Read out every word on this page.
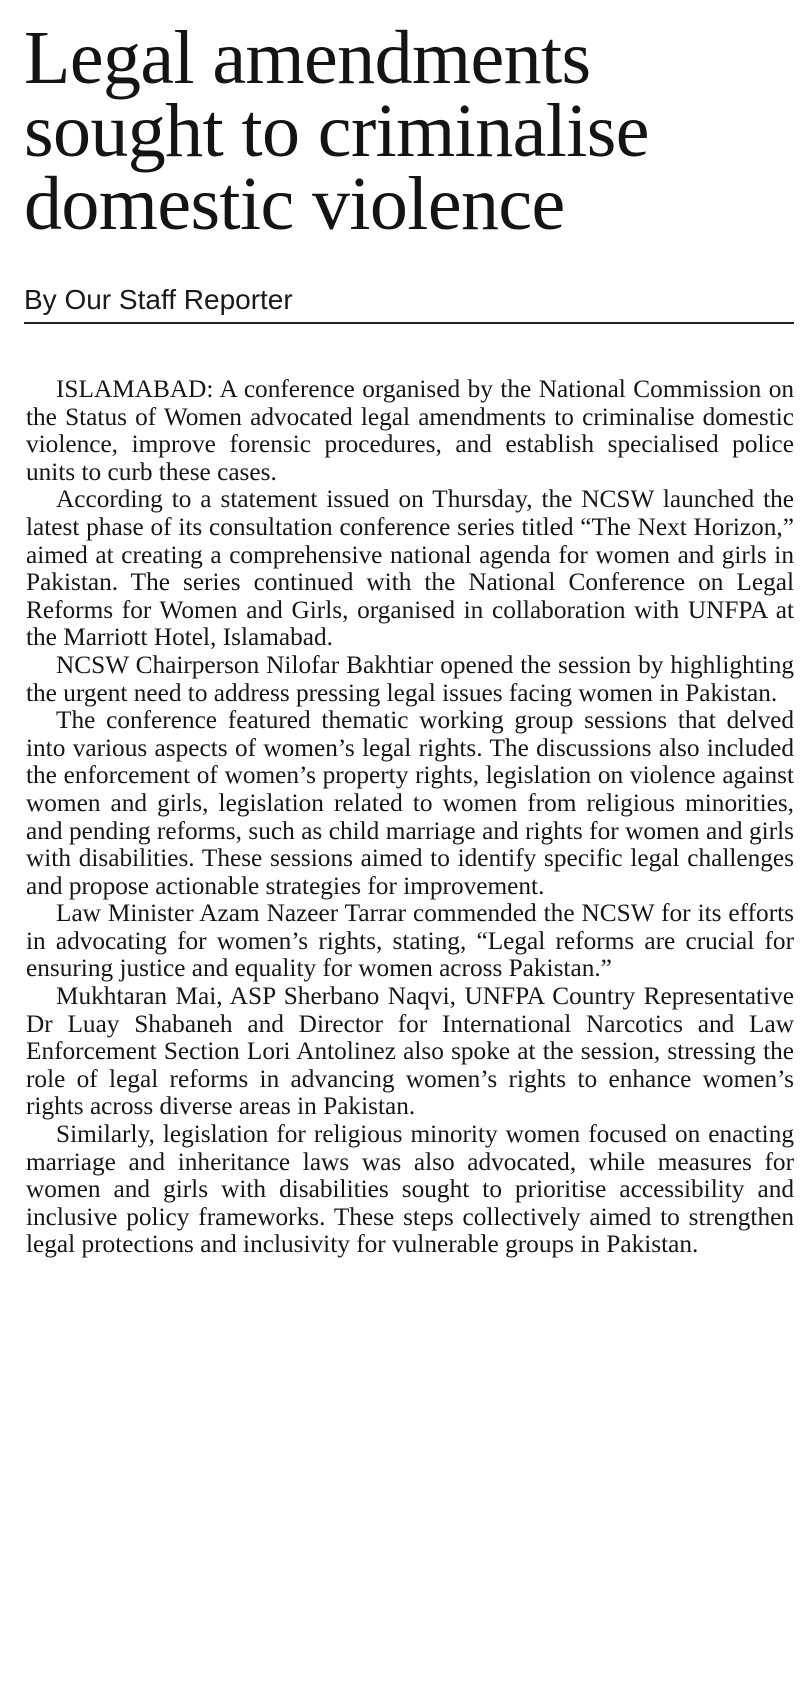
Legal amendments sought to criminalise domestic violence
By Our Staff Reporter

ISLAMABAD: A conference organised by the National Commission on the Status of Women advocated legal amendments to criminalise domestic violence, improve forensic procedures, and establish specialised police units to curb these cases.

According to a statement issued on Thursday, the NCSW launched the latest phase of its consultation conference series titled “The Next Horizon,” aimed at creating a comprehensive national agenda for women and girls in Pakistan. The series continued with the National Conference on Legal Reforms for Women and Girls, organised in collaboration with UNFPA at the Marriott Hotel, Islamabad.

NCSW Chairperson Nilofar Bakhtiar opened the session by highlighting the urgent need to address pressing legal issues facing women in Pakistan.

The conference featured thematic working group sessions that delved into various aspects of women’s legal rights. The discussions also included the enforcement of women’s property rights, legislation on violence against women and girls, legislation related to women from religious minorities, and pending reforms, such as child marriage and rights for women and girls with disabilities. These sessions aimed to identify specific legal challenges and propose actionable strategies for improvement.

Law Minister Azam Nazeer Tarrar commended the NCSW for its efforts in advocating for women’s rights, stating, “Legal reforms are crucial for ensuring justice and equality for women across Pakistan.”

Mukhtaran Mai, ASP Sherbano Naqvi, UNFPA Country Representative Dr Luay Shabaneh and Director for International Narcotics and Law Enforcement Section Lori Antolinez also spoke at the session, stressing the role of legal reforms in advancing women’s rights to enhance women’s rights across diverse areas in Pakistan.

Similarly, legislation for religious minority women focused on enacting marriage and inheritance laws was also advocated, while measures for women and girls with disabilities sought to prioritise accessibility and inclusive policy frameworks. These steps collectively aimed to strengthen legal protections and inclusivity for vulnerable groups in Pakistan.
